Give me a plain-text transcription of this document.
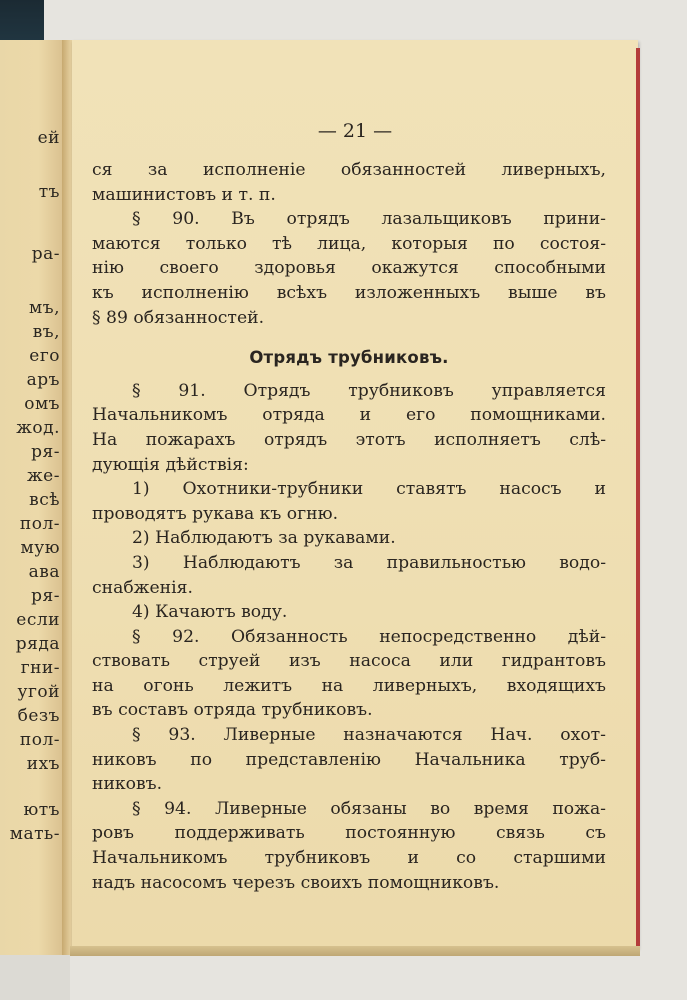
ей
тъ
ра-
мъ,
въ,
его
аръ
омъ
жод.
ря-
же-
всѣ
пол-
мую
ава
ря-
если
ряда
гни-
угой
безъ
пол-
ихъ
ютъ
мать-
— 21 —
ся за исполненіе обязанностей ливерныхъ,
машинистовъ и т. п.
§ 90. Въ отрядъ лазальщиковъ прини-
маются только тѣ лица, которыя по состоя-
нію своего здоровья окажутся способными
къ исполненію всѣхъ изложенныхъ выше въ
§ 89 обязанностей.
Отрядъ трубниковъ.
§ 91. Отрядъ трубниковъ управляется
Начальникомъ отряда и его помощниками.
На пожарахъ отрядъ этотъ исполняетъ слѣ-
дующія дѣйствія:
1) Охотники-трубники ставятъ насосъ и
проводятъ рукава къ огню.
2) Наблюдаютъ за рукавами.
3) Наблюдаютъ за правильностью водо-
снабженія.
4) Качаютъ воду.
§ 92. Обязанность непосредственно дѣй-
ствовать струей изъ насоса или гидрантовъ
на огонь лежитъ на ливерныхъ, входящихъ
въ составъ отряда трубниковъ.
§ 93. Ливерные назначаются Нач. охот-
никовъ по представленію Начальника труб-
никовъ.
§ 94. Ливерные обязаны во время пожа-
ровъ поддерживать постоянную связь съ
Начальникомъ трубниковъ и со старшими
надъ насосомъ черезъ своихъ помощниковъ.
